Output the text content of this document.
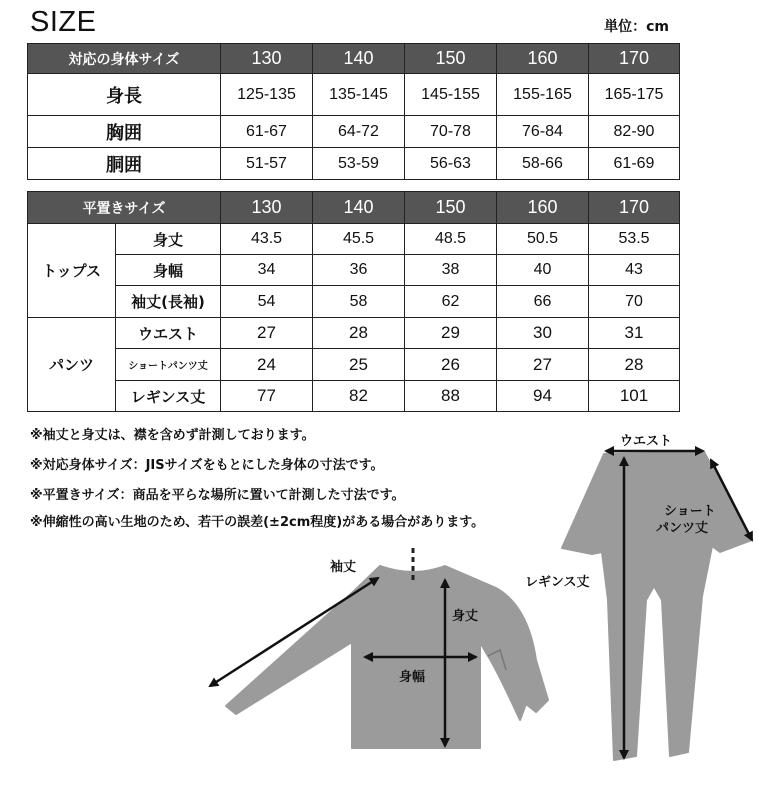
SIZE	単位：cm
対応の身体サイズ	130	140	150	160	170
身長	125-135	135-145	145-155	155-165	165-175
胸囲	61-67	64-72	70-78	76-84	82-90
胴囲	51-57	53-59	56-63	58-66	61-69
平置きサイズ		130	140	150	160	170
トップス	身丈	43.5	45.5	48.5	50.5	53.5
	身幅	34	36	38	40	43
	袖丈(長袖)	54	58	62	66	70
パンツ	ウエスト	27	28	29	30	31
	ショートパンツ丈	24	25	26	27	28
	レギンス丈	77	82	88	94	101
※袖丈と身丈は、襟を含めず計測しております。
※対応身体サイズ：JISサイズをもとにした身体の寸法です。
※平置きサイズ：商品を平らな場所に置いて計測した寸法です。
※伸縮性の高い生地のため、若干の誤差(±2cm程度)がある場合があります。
袖丈
身丈
身幅
ウエスト
ショート
パンツ丈
レギンス丈
